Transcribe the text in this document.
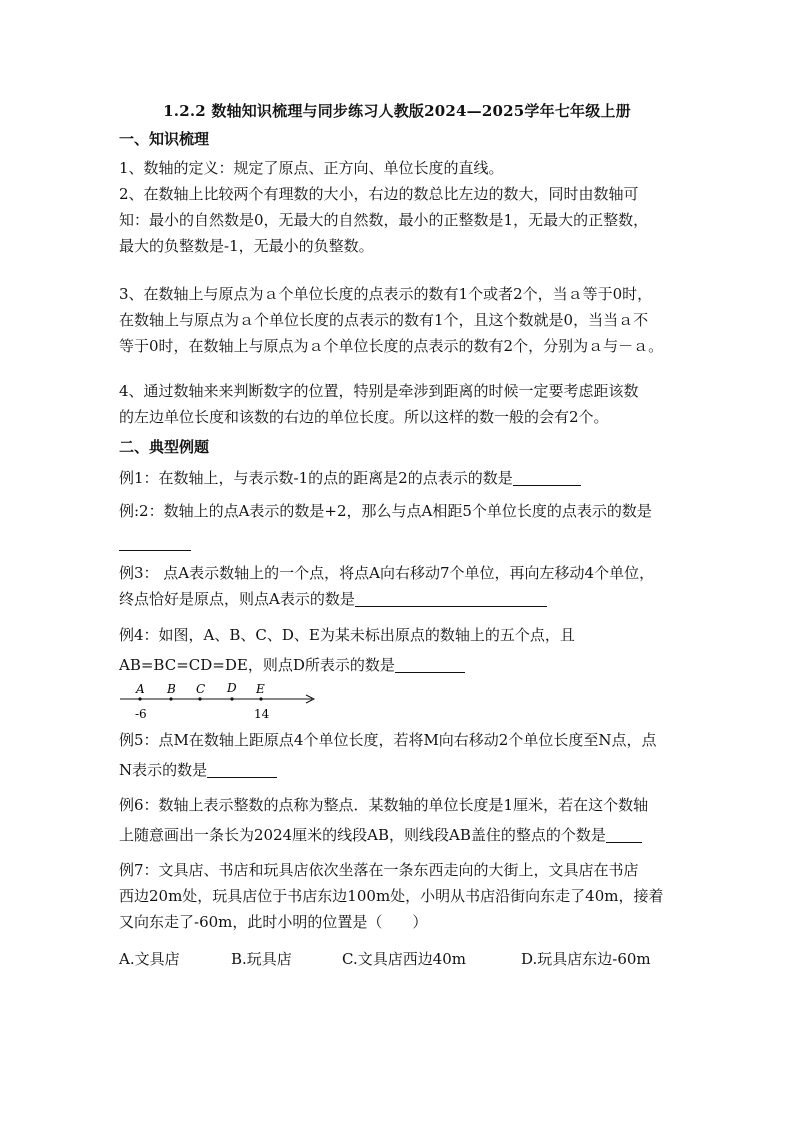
1.2.2 数轴知识梳理与同步练习人教版2024—2025学年七年级上册
一、知识梳理

1、数轴的定义：规定了原点、正方向、单位长度的直线。

2、在数轴上比较两个有理数的大小，右边的数总比左边的数大，同时由数轴可
知：最小的自然数是0，无最大的自然数，最小的正整数是1，无最大的正整数，
最大的负整数是-1，无最小的负整数。

3、在数轴上与原点为ａ个单位长度的点表示的数有1个或者2个，当ａ等于0时，
在数轴上与原点为ａ个单位长度的点表示的数有1个，且这个数就是0，当当ａ不
等于0时，在数轴上与原点为ａ个单位长度的点表示的数有2个，分别为ａ与－ａ。

4、通过数轴来来判断数字的位置，特别是牵涉到距离的时候一定要考虑距该数
的左边单位长度和该数的右边的单位长度。所以这样的数一般的会有2个。

二、典型例题

例1：在数轴上，与表示数-1的点的距离是2的点表示的数是

例:2：数轴上的点A表示的数是+2，那么与点A相距5个单位长度的点表示的数是

例3： 点A表示数轴上的一个点，将点A向右移动7个单位，再向左移动4个单位，
终点恰好是原点，则点A表示的数是

例4：如图，A、B、C、D、E为某未标出原点的数轴上的五个点，且
AB=BC=CD=DE，则点D所表示的数是

A B C D E
-6	14

例5：点M在数轴上距原点4个单位长度，若将M向右移动2个单位长度至N点，点
N表示的数是

例6：数轴上表示整数的点称为整点．某数轴的单位长度是1厘米，若在这个数轴
上随意画出一条长为2024厘米的线段AB，则线段AB盖住的整点的个数是

例7：文具店、书店和玩具店依次坐落在一条东西走向的大街上，文具店在书店
西边20m处，玩具店位于书店东边100m处，小明从书店沿街向东走了40m，接着
又向东走了-60m，此时小明的位置是（　　）

A.文具店	B.玩具店	C.文具店西边40m	D.玩具店东边-60m
